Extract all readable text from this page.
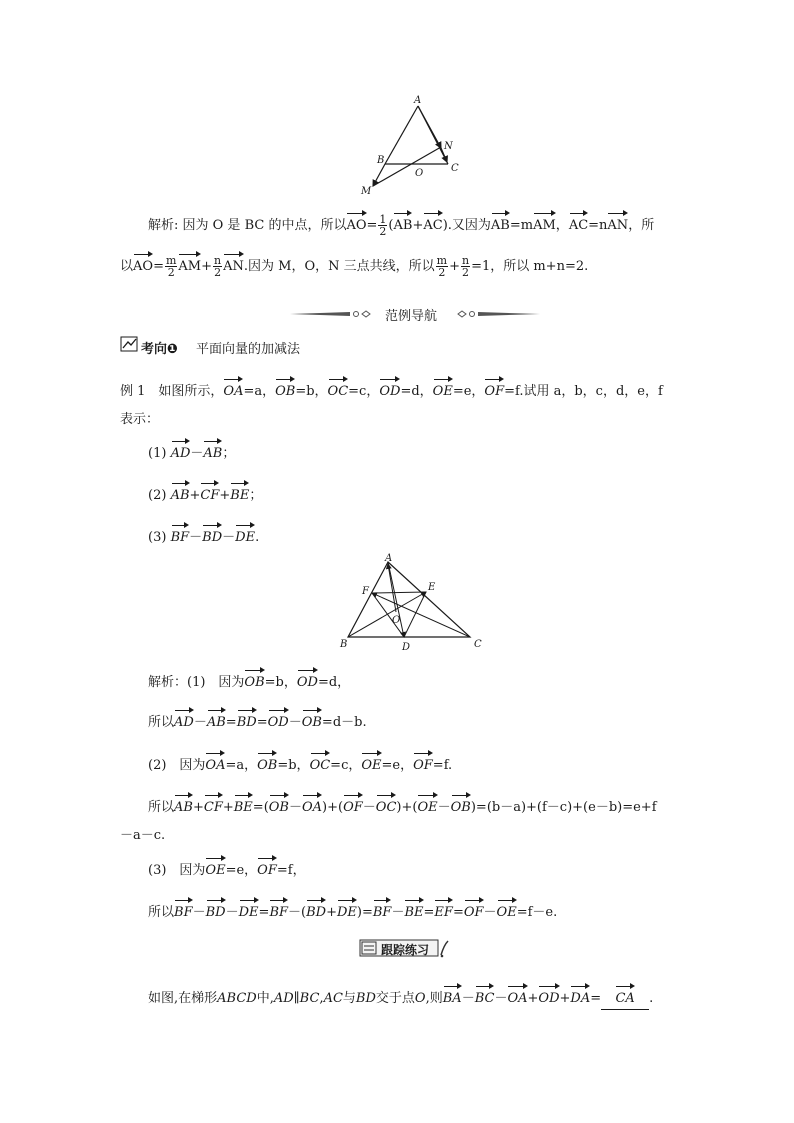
A
N
B
O	C
M
解析: 因为 O 是 BC 的中点，所以$AO= \frac{1}{2} (AB+AC)$.又因为AB=mAM，AC=nAN，所
以$AO= \frac{m}{2} AM+ \frac{n}{2}$ AN.因为 M，O，N 三点共线，所以 $\frac{m}{2} + \frac{n}{2} =1$，所以 m+n=2.
范例导航
考向❶ 平面向量的加减法
例 1　如图所示，OA=a，OB=b，OC=c，OD=d，OE=e，OF=f.试用 a，b，c，d，e，f
表示：
(1) AD－AB；
(2) AB+CF+BE；
(3) BF－BD－DE.
A
F	E
O
B	D	C
解析：(1)　因为OB=b，OD=d，
所以AD－AB=BD=OD－OB=d－b.
(2)　因为OA=a，OB=b，OC=c，OE=e，OF=f.
所以AB+CF+BE=(OB－OA)+(OF－OC)+(OE－OB)=(b－a)+(f－c)+(e－b)=e+f
－a－c.
(3)　因为OE=e，OF=f，
所以BF－BD－DE=BF－(BD+DE)=BF－BE=EF=OF－OE=f－e.
跟踪练习
如图,在梯形ABCD中,AD∥BC,AC与BD交于点O,则BA－BC－OA+OD+DA= CA .
